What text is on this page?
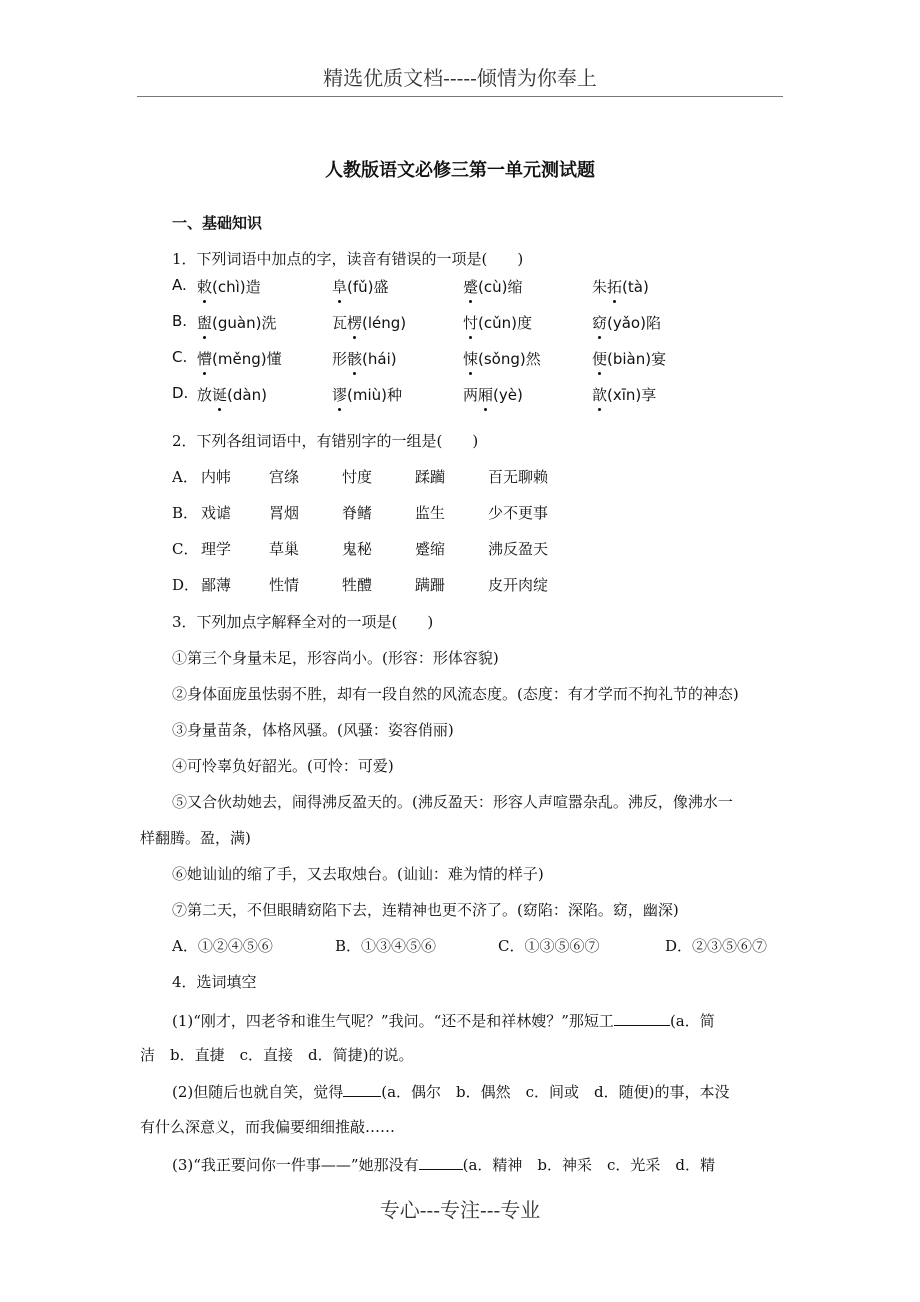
精选优质文档-----倾情为你奉上
人教版语文必修三第一单元测试题
一、基础知识
1．下列词语中加点的字，读音有错误的一项是(　　)
A. 敕(chì)造	阜(fǔ)盛	蹙(cù)缩	朱拓(tà)
B. 盥(guàn)洗	瓦楞(léng)	忖(cǔn)度	窈(yǎo)陷
C. 懵(měng)懂	形骸(hái)	悚(sǒng)然	便(biàn)宴
D. 放诞(dàn)	谬(miù)种	两厢(yè)	歆(xīn)享
2．下列各组词语中，有错别字的一组是(　　)
A． 内帏	宫绦	忖度	蹂躏	百无聊赖
B． 戏谑	罥烟	脊鳍	监生	少不更事
C． 理学	草巢	鬼秘	蹙缩	沸反盈天
D． 鄙薄	性情	牲醴	蹒跚	皮开肉绽
3．下列加点字解释全对的一项是(　　)
①第三个身量未足，形容尚小。(形容：形体容貌)
②身体面庞虽怯弱不胜，却有一段自然的风流态度。(态度：有才学而不拘礼节的神态)
③身量苗条，体格风骚。(风骚：姿容俏丽)
④可怜辜负好韶光。(可怜：可爱)
⑤又合伙劫她去，闹得沸反盈天的。(沸反盈天：形容人声喧嚣杂乱。沸反，像沸水一
样翻腾。盈，满)
⑥她讪讪的缩了手，又去取烛台。(讪讪：难为情的样子)
⑦第二天，不但眼睛窈陷下去，连精神也更不济了。(窈陷：深陷。窈，幽深)
A．①②④⑤⑥	B．①③④⑤⑥	C．①③⑤⑥⑦	D．②③⑤⑥⑦
4．选词填空
(1)“刚才，四老爷和谁生气呢？”我问。“还不是和祥林嫂？”那短工	(a．简
洁　b．直捷　c．直接　d．简捷)的说。
(2)但随后也就自笑，觉得	(a．偶尔　b．偶然　c．间或　d．随便)的事，本没
有什么深意义，而我偏要细细推敲……
(3)“我正要问你一件事——”她那没有	(a．精神　b．神采　c．光采　d．精
专心---专注---专业
